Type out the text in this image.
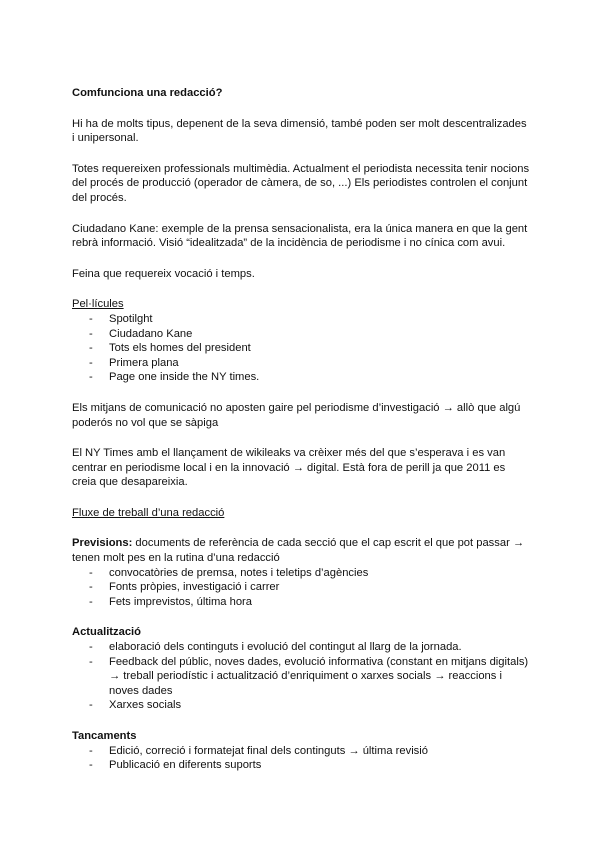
Comfunciona una redacció?

Hi ha de molts tipus, depenent de la seva dimensió, també poden ser molt descentralizades i unipersonal.

Totes requereixen professionals multimèdia. Actualment el periodista necessita tenir nocions del procés de producció (operador de càmera, de so, ...) Els periodistes controlen el conjunt del procés.

Ciudadano Kane: exemple de la prensa sensacionalista, era la única manera en que la gent rebrà informació. Visió “idealitzada” de la incidència de periodisme i no cínica com avui.

Feina que requereix vocació i temps.

Pel·lícules

- Spotilght
- Ciudadano Kane
- Tots els homes del president
- Primera plana
- Page one inside the NY times.

Els mitjans de comunicació no aposten gaire pel periodisme d’investigació → allò que algú poderós no vol que se sàpiga

El NY Times amb el llançament de wikileaks va crèixer més del que s’esperava i es van centrar en periodisme local i en la innovació → digital. Està fora de perill ja que 2011 es creia que desapareixia.

Fluxe de treball d’una redacció

Previsions: documents de referència de cada secció que el cap escrit el que pot passar → tenen molt pes en la rutina d’una redacció

- convocatòries de premsa, notes i teletips d’agències
- Fonts pròpies, investigació i carrer
- Fets imprevistos, última hora

Actualització

- elaboració dels continguts i evolució del contingut al llarg de la jornada.
- Feedback del públic, noves dades, evolució informativa (constant en mitjans digitals) → treball periodístic i actualització d’enriquiment o xarxes socials → reaccions i noves dades
- Xarxes socials

Tancaments

- Edició, correció i formatejat final dels continguts → última revisió
- Publicació en diferents suports
